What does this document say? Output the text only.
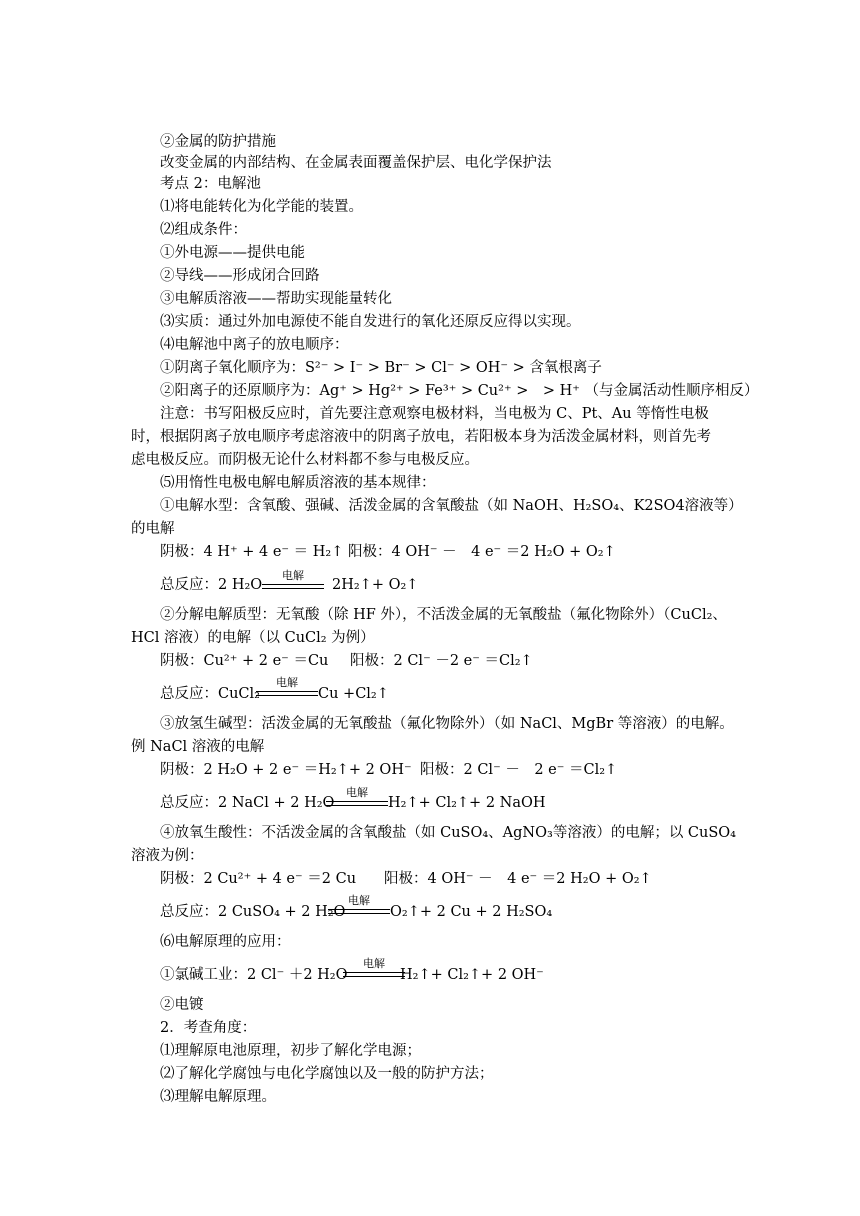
②金属的防护措施
改变金属的内部结构、在金属表面覆盖保护层、电化学保护法
考点 2：电解池
⑴将电能转化为化学能的装置。
⑵组成条件：
①外电源——提供电能
②导线——形成闭合回路
③电解质溶液——帮助实现能量转化
⑶实质：通过外加电源使不能自发进行的氧化还原反应得以实现。
⑷电解池中离子的放电顺序：
①阴离子氧化顺序为：S²⁻ > I⁻ > Br⁻ > Cl⁻ > OH⁻ > 含氧根离子
②阳离子的还原顺序为：Ag⁺ > Hg²⁺ > Fe³⁺ > Cu²⁺ >　> H⁺ （与金属活动性顺序相反）
注意：书写阳极反应时，首先要注意观察电极材料，当电极为 C、Pt、Au 等惰性电极
时，根据阴离子放电顺序考虑溶液中的阴离子放电，若阳极本身为活泼金属材料，则首先考
虑电极反应。而阴极无论什么材料都不参与电极反应。
⑸用惰性电极电解电解质溶液的基本规律：
①电解水型：含氧酸、强碱、活泼金属的含氧酸盐（如 NaOH、H₂SO₄、K2SO4溶液等）
的电解
阴极：4 H⁺ + 4 e⁻ ＝ H₂↑ 阳极：4 OH⁻ －　4 e⁻ ＝2 H₂O + O₂↑
总反应：2 H₂O
电解
2H₂↑+ O₂↑
②分解电解质型：无氧酸（除 HF 外），不活泼金属的无氧酸盐（氟化物除外）（CuCl₂、
HCl 溶液）的电解（以 CuCl₂ 为例）
阴极：Cu²⁺ + 2 e⁻ ＝Cu 阳极：2 Cl⁻ －2 e⁻ ＝Cl₂↑
总反应：CuCl₂
电解
Cu +Cl₂↑
③放氢生碱型：活泼金属的无氧酸盐（氟化物除外）（如 NaCl、MgBr 等溶液）的电解。
例 NaCl 溶液的电解
阴极：2 H₂O + 2 e⁻ ＝H₂↑+ 2 OH⁻ 阳极：2 Cl⁻ －　2 e⁻ ＝Cl₂↑
总反应：2 NaCl + 2 H₂O
电解
H₂↑+ Cl₂↑+ 2 NaOH
④放氧生酸性：不活泼金属的含氧酸盐（如 CuSO₄、AgNO₃等溶液）的电解；以 CuSO₄
溶液为例：
阴极：2 Cu²⁺ + 4 e⁻ ＝2 Cu 阳极：4 OH⁻ －　4 e⁻ ＝2 H₂O + O₂↑
总反应：2 CuSO₄ + 2 H₂O
电解
O₂↑+ 2 Cu + 2 H₂SO₄
⑹电解原理的应用：
①氯碱工业：2 Cl⁻ ＋2 H₂O
电解
H₂↑+ Cl₂↑+ 2 OH⁻
②电镀
2．考查角度：
⑴理解原电池原理，初步了解化学电源；
⑵了解化学腐蚀与电化学腐蚀以及一般的防护方法；
⑶理解电解原理。
